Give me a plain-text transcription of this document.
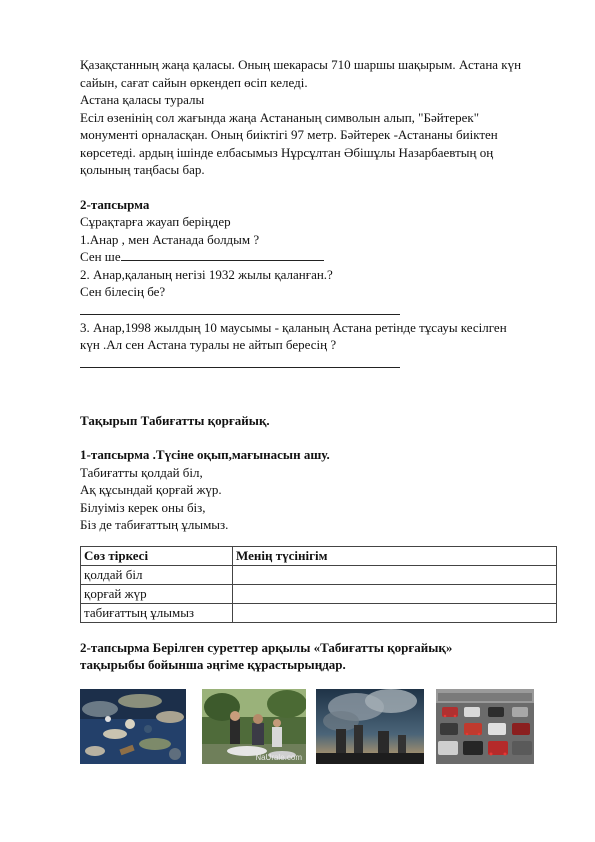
Қазақстанның жаңа қаласы. Оның шекарасы 710 шаршы шақырым. Астана күн

сайын, сағат сайын өркендеп өсіп келеді.

Астана қаласы туралы

Есіл өзенінің сол жағында жаңа Астананың символын алып, "Бәйтерек"

монументі орналасқан. Оның биіктігі 97 метр. Бәйтерек -Астананы биіктен

көрсетеді. ардың ішінде елбасымыз Нұрсұлтан Әбішұлы Назарбаевтың оң

қолының таңбасы бар.

2-тапсырма

Сұрақтарға жауап беріңдер

1.Анар , мен Астанада болдым ?

Сен ше

2. Анар,қаланың негізі 1932 жылы қаланған.?

Сен білесің бе?

3. Анар,1998 жылдың 10 маусымы - қаланың Астана ретінде тұсауы кесілген

күн .Ал сен Астана туралы не айтып бересің ?

Тақырып Табиғатты қорғайық.

1-тапсырма .Түсіне оқып,мағынасын ашу.

Табиғатты қолдай біл,

Ақ құсындай қорғай жүр.

Білуіміз керек оны біз,

Біз де табиғаттың ұлымыз.

Сөз тіркесі	Менің түсінігім
қолдай біл	
қорғай жүр	
табиғаттың ұлымыз	

2-тапсырма Берілген суреттер арқылы «Табиғатты қорғайық»

тақырыбы бойынша әңгіме құрастырыңдар.

NaUrale.com
